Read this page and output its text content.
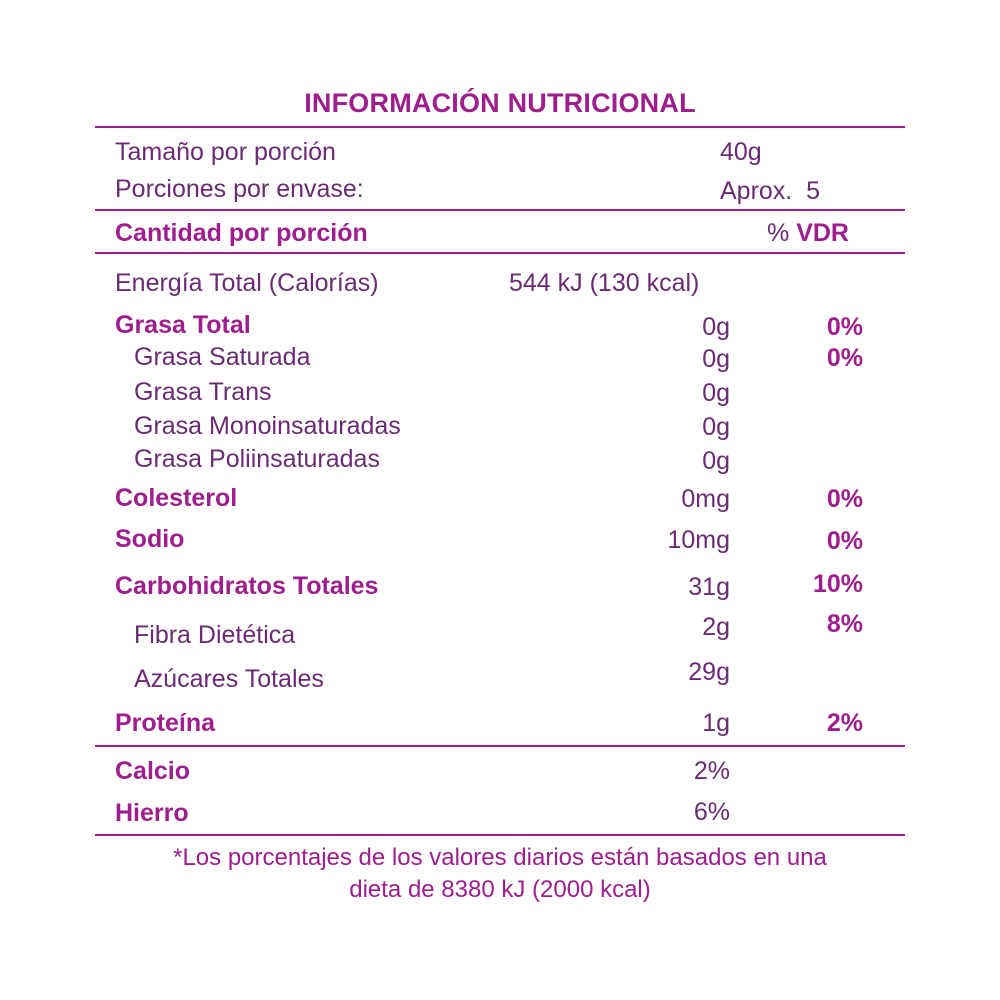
INFORMACIÓN NUTRICIONAL
Tamaño por porción	40g
Porciones por envase:	Aprox.  5
Cantidad por porción	% VDR
Energía Total (Calorías)	544 kJ (130 kcal)
Grasa Total	0g	0%
Grasa Saturada	0g	0%
Grasa Trans	0g
Grasa Monoinsaturadas	0g
Grasa Poliinsaturadas	0g
Colesterol	0mg	0%
Sodio	10mg	0%
Carbohidratos Totales	31g	10%
Fibra Dietética	2g	8%
Azúcares Totales	29g
Proteína	1g	2%
Calcio	2%
Hierro	6%
*Los porcentajes de los valores diarios están basados en una
dieta de 8380 kJ (2000 kcal)
